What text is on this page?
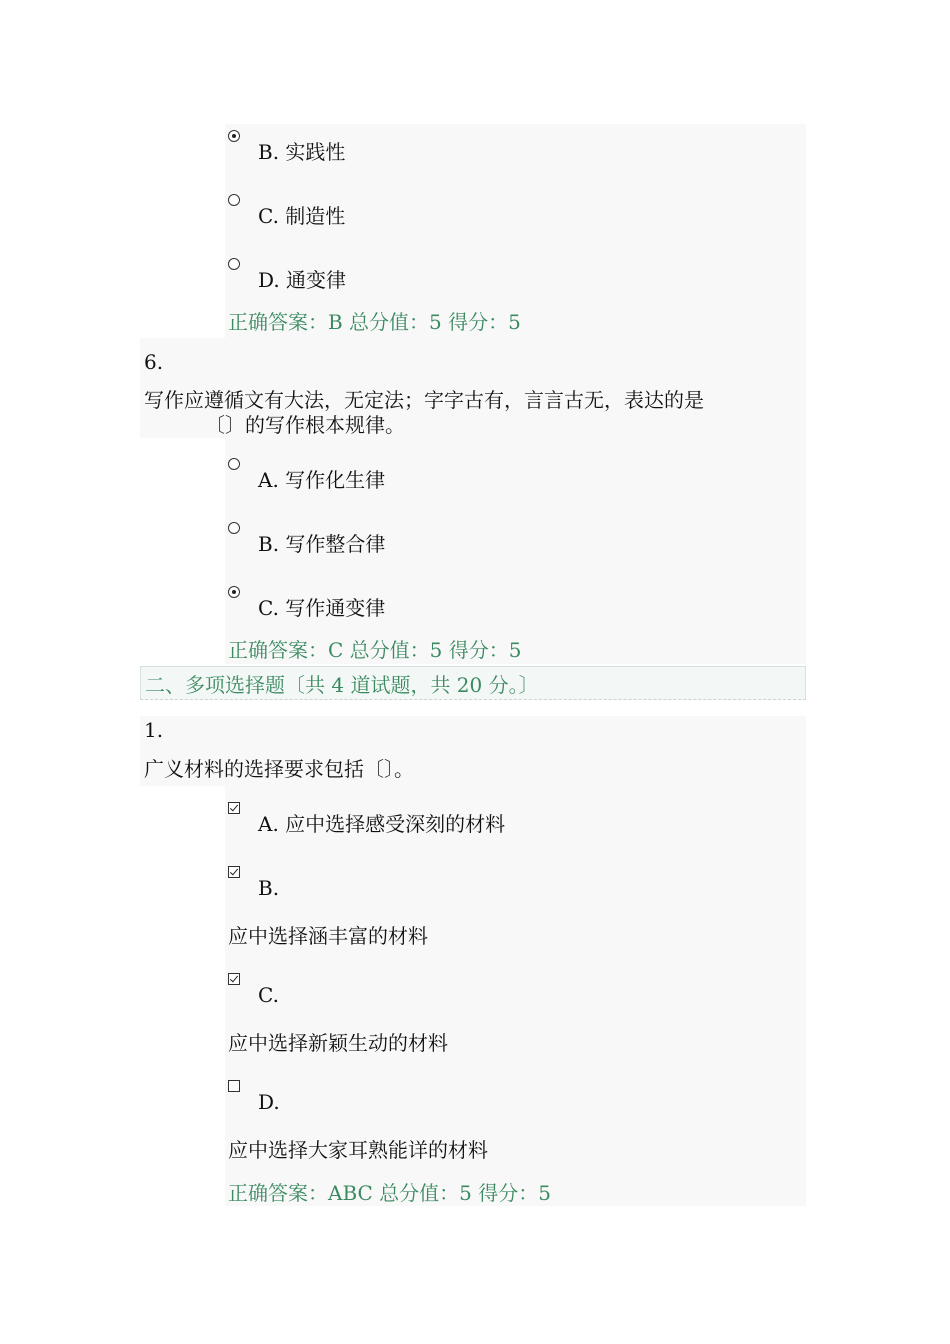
B. 实践性
C. 制造性
D. 通变律
正确答案：B 总分值：5 得分：5
6.
写作应遵循文有大法，无定法；字字古有，言言古无，表达的是
〔〕的写作根本规律。
A. 写作化生律
B. 写作整合律
C. 写作通变律
正确答案：C 总分值：5 得分：5
二、多项选择题〔共 4 道试题，共 20 分。〕
1.
广义材料的选择要求包括〔〕。
A. 应中选择感受深刻的材料
B.
应中选择涵丰富的材料
C.
应中选择新颖生动的材料
D.
应中选择大家耳熟能详的材料
正确答案：ABC 总分值：5 得分：5
